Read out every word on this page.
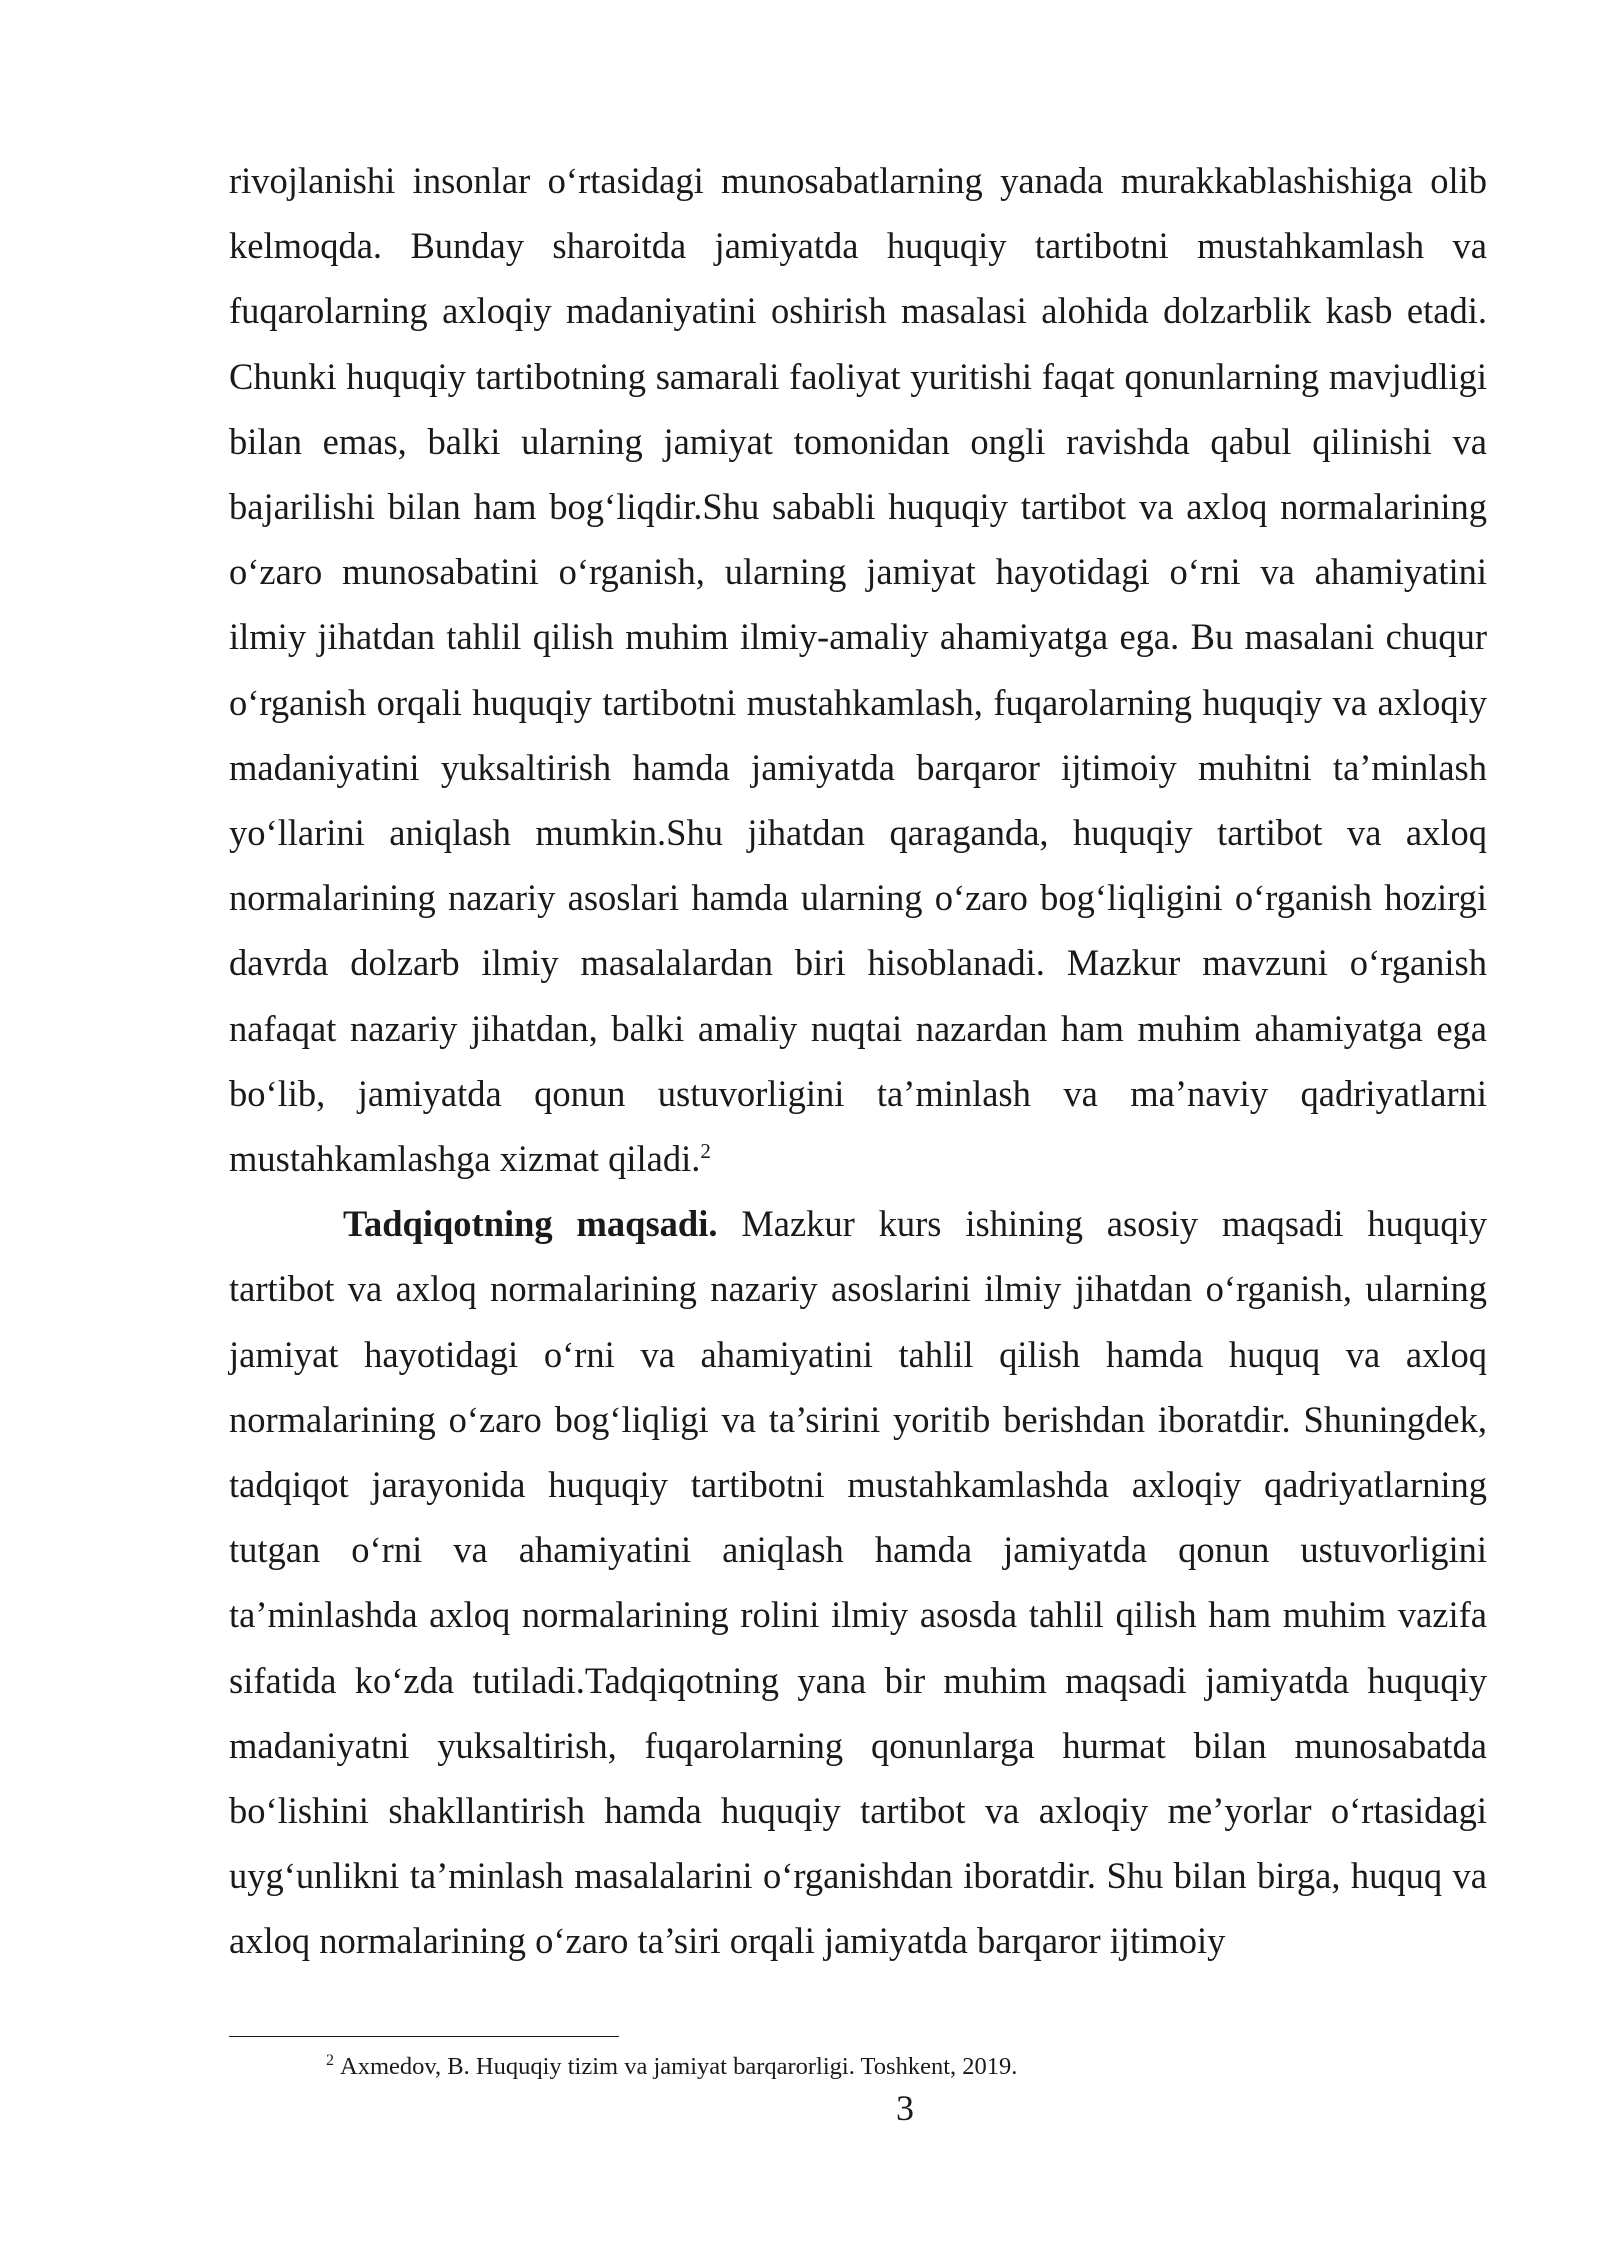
rivojlanishi insonlar o‘rtasidagi munosabatlarning yanada murakkablashishiga olib kelmoqda. Bunday sharoitda jamiyatda huquqiy tartibotni mustahkamlash va fuqarolarning axloqiy madaniyatini oshirish masalasi alohida dolzarblik kasb etadi. Chunki huquqiy tartibotning samarali faoliyat yuritishi faqat qonunlarning mavjudligi bilan emas, balki ularning jamiyat tomonidan ongli ravishda qabul qilinishi va bajarilishi bilan ham bog‘liqdir.Shu sababli huquqiy tartibot va axloq normalarining o‘zaro munosabatini o‘rganish, ularning jamiyat hayotidagi o‘rni va ahamiyatini ilmiy jihatdan tahlil qilish muhim ilmiy-amaliy ahamiyatga ega. Bu masalani chuqur o‘rganish orqali huquqiy tartibotni mustahkamlash, fuqarolarning huquqiy va axloqiy madaniyatini yuksaltirish hamda jamiyatda barqaror ijtimoiy muhitni ta’minlash yo‘llarini aniqlash mumkin.Shu jihatdan qaraganda, huquqiy tartibot va axloq normalarining nazariy asoslari hamda ularning o‘zaro bog‘liqligini o‘rganish hozirgi davrda dolzarb ilmiy masalalardan biri hisoblanadi. Mazkur mavzuni o‘rganish nafaqat nazariy jihatdan, balki amaliy nuqtai nazardan ham muhim ahamiyatga ega bo‘lib, jamiyatda qonun ustuvorligini ta’minlash va ma’naviy qadriyatlarni mustahkamlashga xizmat qiladi.$^2$

Tadqiqotning maqsadi. Mazkur kurs ishining asosiy maqsadi huquqiy tartibot va axloq normalarining nazariy asoslarini ilmiy jihatdan o‘rganish, ularning jamiyat hayotidagi o‘rni va ahamiyatini tahlil qilish hamda huquq va axloq normalarining o‘zaro bog‘liqligi va ta’sirini yoritib berishdan iboratdir. Shuningdek, tadqiqot jarayonida huquqiy tartibotni mustahkamlashda axloqiy qadriyatlarning tutgan o‘rni va ahamiyatini aniqlash hamda jamiyatda qonun ustuvorligini ta’minlashda axloq normalarining rolini ilmiy asosda tahlil qilish ham muhim vazifa sifatida ko‘zda tutiladi.Tadqiqotning yana bir muhim maqsadi jamiyatda huquqiy madaniyatni yuksaltirish, fuqarolarning qonunlarga hurmat bilan munosabatda bo‘lishini shakllantirish hamda huquqiy tartibot va axloqiy me’yorlar o‘rtasidagi uyg‘unlikni ta’minlash masalalarini o‘rganishdan iboratdir. Shu bilan birga, huquq va axloq normalarining o‘zaro ta’siri orqali jamiyatda barqaror ijtimoiy

$^2$ Axmedov, B. Huquqiy tizim va jamiyat barqarorligi. Toshkent, 2019.
3
